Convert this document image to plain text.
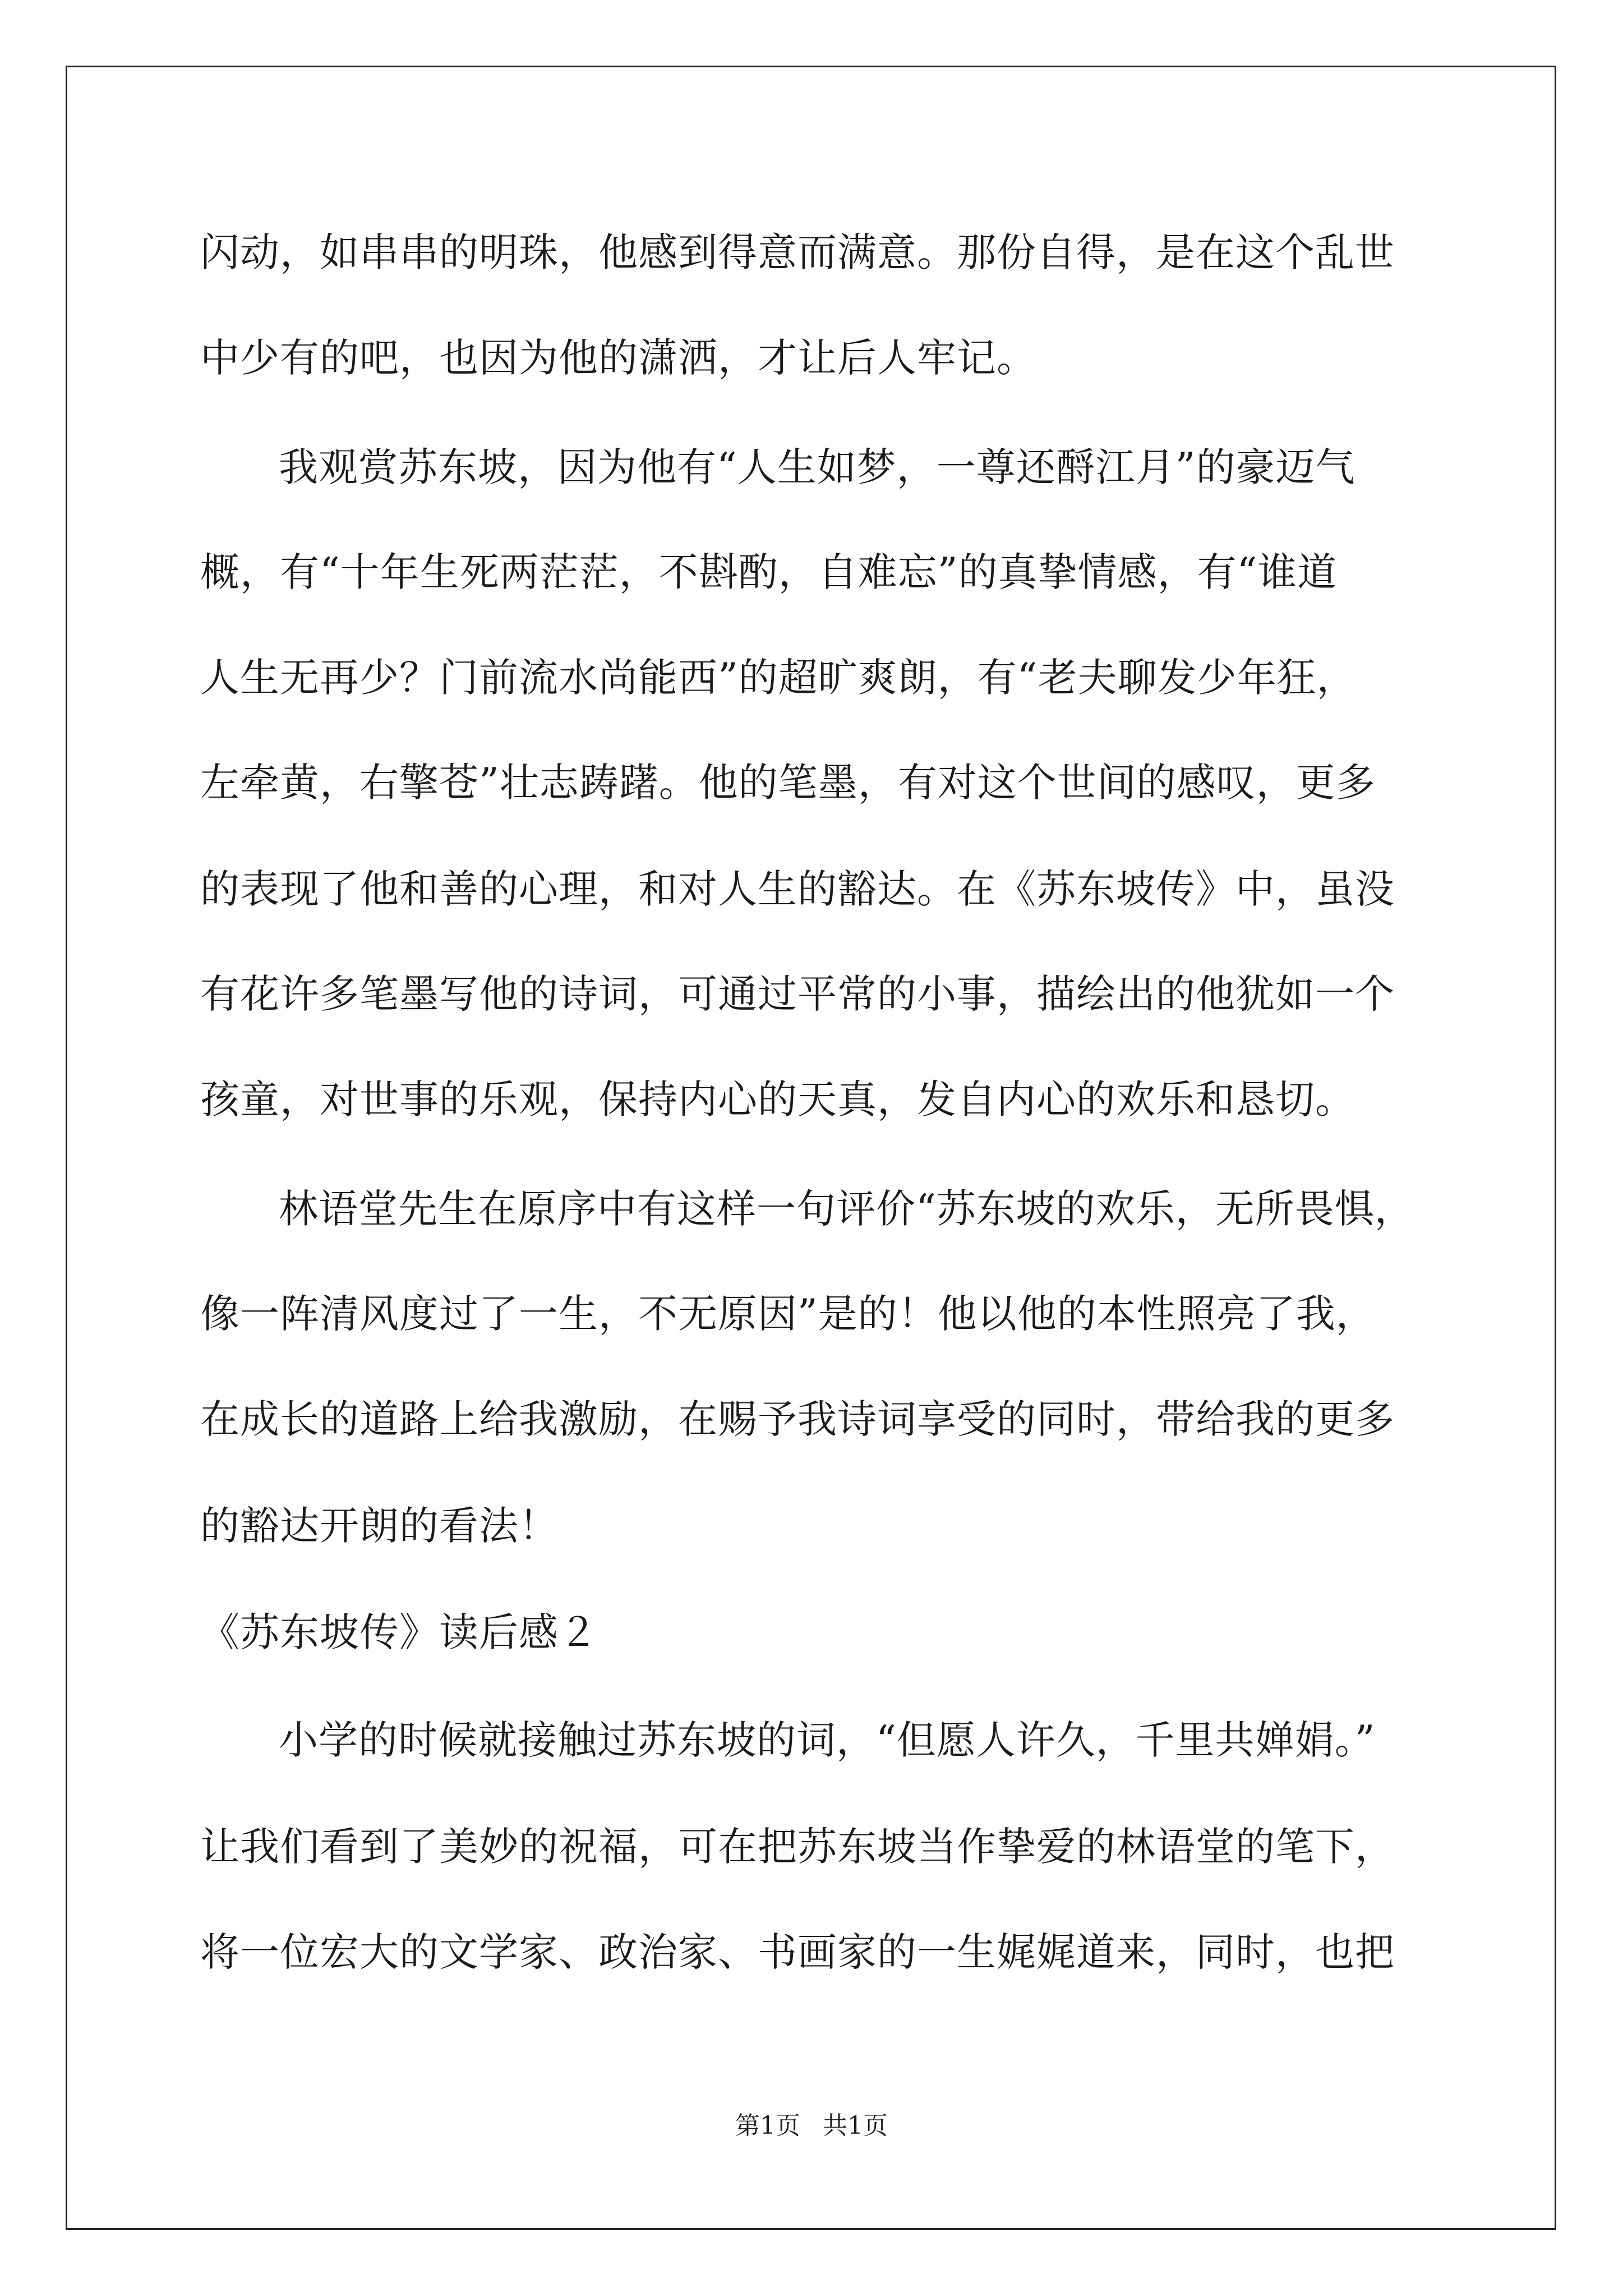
闪动，如串串的明珠，他感到得意而满意。那份自得，是在这个乱世
中少有的吧，也因为他的潇洒，才让后人牢记。
我观赏苏东坡，因为他有“人生如梦，一尊还酹江月”的豪迈气
概，有“十年生死两茫茫，不斟酌，自难忘”的真挚情感，有“谁道
人生无再少？门前流水尚能西”的超旷爽朗，有“老夫聊发少年狂，
左牵黄，右擎苍”壮志踌躇。他的笔墨，有对这个世间的感叹，更多
的表现了他和善的心理，和对人生的豁达。在《苏东坡传》中，虽没
有花许多笔墨写他的诗词，可通过平常的小事，描绘出的他犹如一个
孩童，对世事的乐观，保持内心的天真，发自内心的欢乐和恳切。
林语堂先生在原序中有这样一句评价“苏东坡的欢乐，无所畏惧，
像一阵清风度过了一生，不无原因”是的！他以他的本性照亮了我，
在成长的道路上给我激励，在赐予我诗词享受的同时，带给我的更多
的豁达开朗的看法！
《苏东坡传》读后感２
小学的时候就接触过苏东坡的词，“但愿人许久，千里共婵娟。”
让我们看到了美妙的祝福，可在把苏东坡当作挚爱的林语堂的笔下，
将一位宏大的文学家、政治家、书画家的一生娓娓道来，同时，也把
第1页 共1页
